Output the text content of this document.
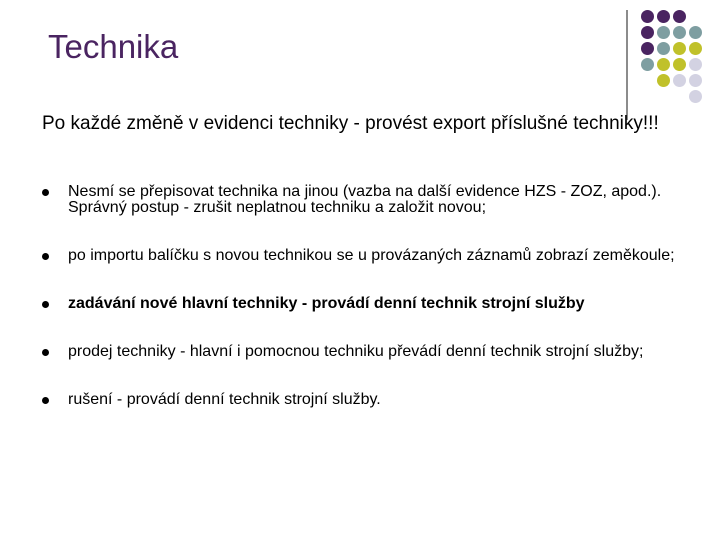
Technika

Po každé změně v evidenci techniky - provést export příslušné techniky!!!

Nesmí se přepisovat technika na jinou (vazba na další evidence HZS - ZOZ, apod.). Správný postup - zrušit neplatnou techniku a založit novou;
po importu balíčku s novou technikou se u provázaných záznamů zobrazí zeměkoule;
zadávání nové hlavní techniky - provádí denní technik strojní služby
prodej techniky - hlavní i pomocnou techniku převádí denní technik strojní služby;
rušení - provádí denní technik strojní služby.
